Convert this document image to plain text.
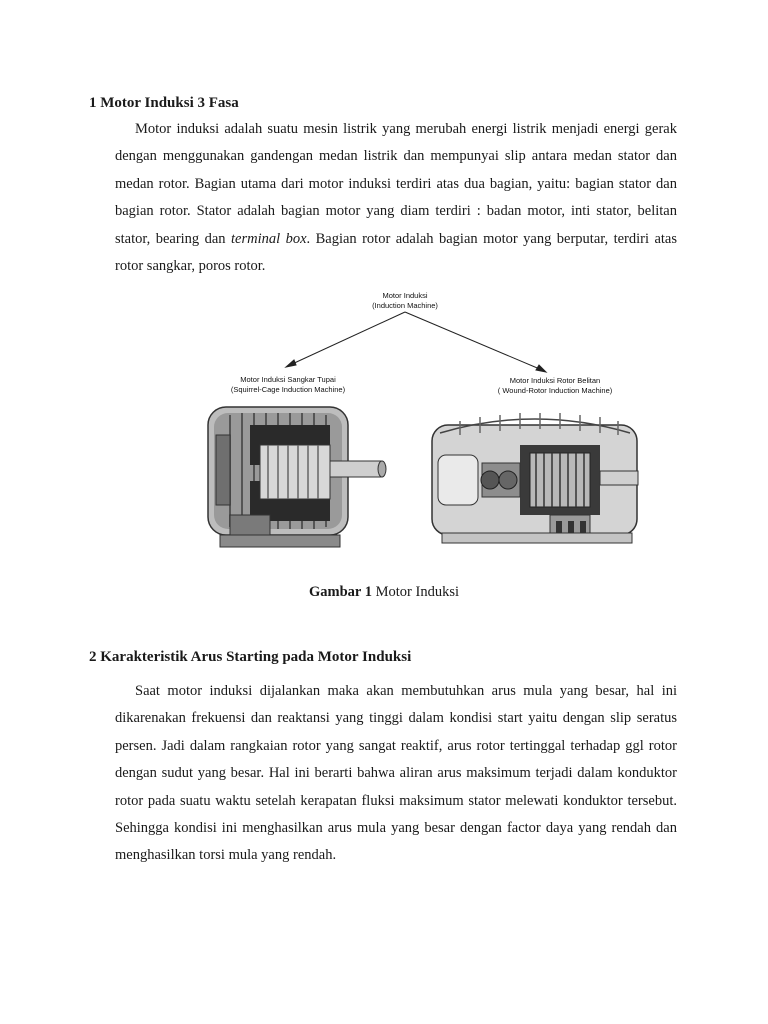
1 Motor Induksi 3 Fasa

Motor induksi adalah suatu mesin listrik yang merubah energi listrik menjadi energi gerak dengan menggunakan gandengan medan listrik dan mempunyai slip antara medan stator dan medan rotor. Bagian utama dari motor induksi terdiri atas dua bagian, yaitu: bagian stator dan bagian rotor. Stator adalah bagian motor yang diam terdiri : badan motor, inti stator, belitan stator, bearing dan terminal box. Bagian rotor adalah bagian motor yang berputar, terdiri atas rotor sangkar, poros rotor.

Motor Induksi
(Induction Machine)
Motor Induksi Sangkar Tupai
(Squirrel-Cage Induction Machine)
Motor Induksi Rotor Belitan
( Wound-Rotor Induction Machine)
Gambar 1 Motor Induksi
2 Karakteristik Arus Starting pada Motor Induksi

Saat motor induksi dijalankan maka akan membutuhkan arus mula yang besar, hal ini dikarenakan frekuensi dan reaktansi yang tinggi dalam kondisi start yaitu dengan slip seratus persen. Jadi dalam rangkaian rotor yang sangat reaktif, arus rotor tertinggal terhadap ggl rotor dengan sudut yang besar. Hal ini berarti bahwa aliran arus maksimum terjadi dalam konduktor rotor pada suatu waktu setelah kerapatan fluksi maksimum stator melewati konduktor tersebut. Sehingga kondisi ini menghasilkan arus mula yang besar dengan factor daya yang rendah dan menghasilkan torsi mula yang rendah.
